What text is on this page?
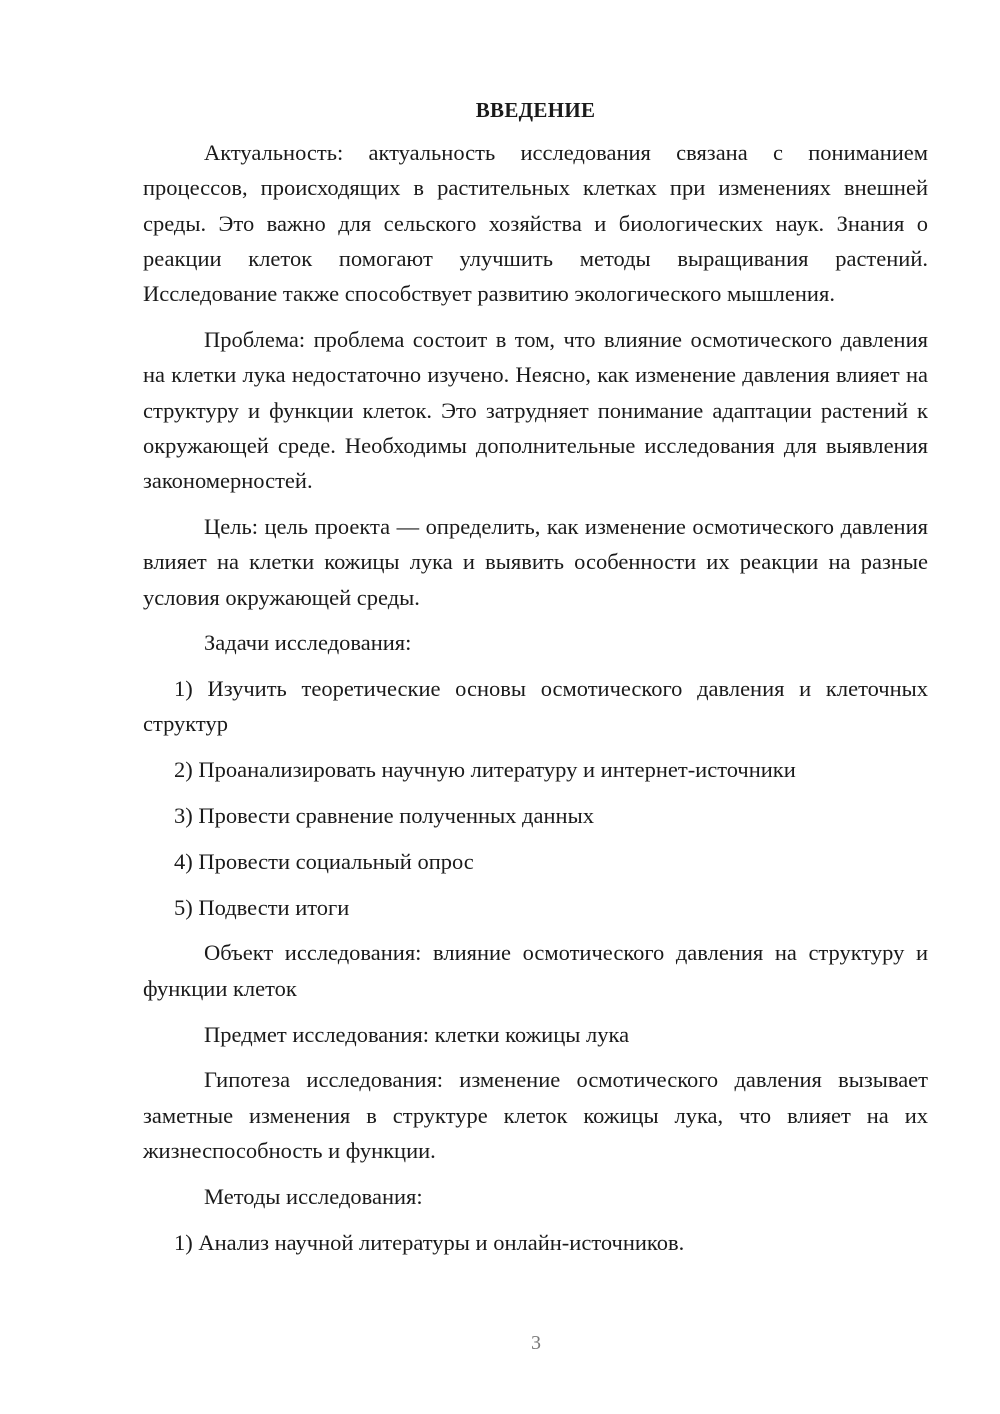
ВВЕДЕНИЕ
Актуальность: актуальность исследования связана с пониманием процессов, происходящих в растительных клетках при изменениях внешней среды. Это важно для сельского хозяйства и биологических наук. Знания о реакции клеток помогают улучшить методы выращивания растений. Исследование также способствует развитию экологического мышления.
Проблема: проблема состоит в том, что влияние осмотического давления на клетки лука недостаточно изучено. Неясно, как изменение давления влияет на структуру и функции клеток. Это затрудняет понимание адаптации растений к окружающей среде. Необходимы дополнительные исследования для выявления закономерностей.
Цель: цель проекта — определить, как изменение осмотического давления влияет на клетки кожицы лука и выявить особенности их реакции на разные условия окружающей среды.
Задачи исследования:
1) Изучить теоретические основы осмотического давления и клеточных структур
2) Проанализировать научную литературу и интернет-источники
3) Провести сравнение полученных данных
4) Провести социальный опрос
5) Подвести итоги
Объект исследования: влияние осмотического давления на структуру и функции клеток
Предмет исследования: клетки кожицы лука
Гипотеза исследования: изменение осмотического давления вызывает заметные изменения в структуре клеток кожицы лука, что влияет на их жизнеспособность и функции.
Методы исследования:
1) Анализ научной литературы и онлайн-источников.
3
